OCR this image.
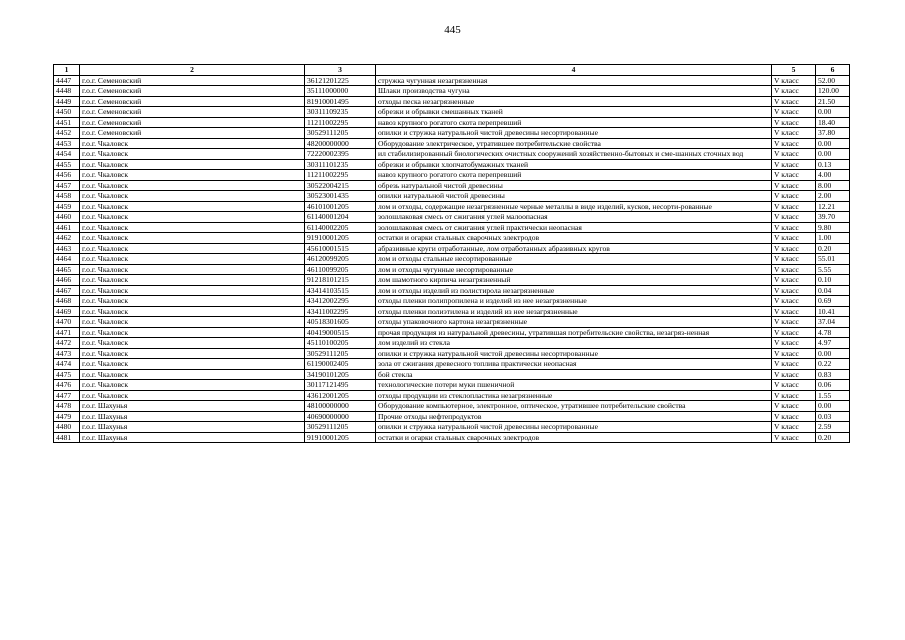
445
1	2	3	4	5	6
4447	г.о.г. Семеновский	36121201225	стружка чугунная незагрязненная	V класс	52.00
4448	г.о.г. Семеновский	35111000000	Шлаки производства чугуна	V класс	120.00
4449	г.о.г. Семеновский	81910001495	отходы песка незагрязненные	V класс	21.50
4450	г.о.г. Семеновский	30311109235	обрезки и обрывки смешанных тканей	V класс	0.00
4451	г.о.г. Семеновский	11211002295	навоз крупного рогатого скота перепревший	V класс	18.40
4452	г.о.г. Семеновский	30529111205	опилки и стружка натуральной чистой древесины несортированные	V класс	37.80
4453	г.о.г. Чкаловск	48200000000	Оборудование электрическое, утратившее потребительские свойства	V класс	0.00
4454	г.о.г. Чкаловск	72220002395	ил стабилизированный биологических очистных сооружений хозяйственно-бытовых и сме-шанных сточных вод	V класс	0.00
4455	г.о.г. Чкаловск	30311101235	обрезки и обрывки хлопчатобумажных тканей	V класс	0.13
4456	г.о.г. Чкаловск	11211002295	навоз крупного рогатого скота перепревший	V класс	4.00
4457	г.о.г. Чкаловск	30522004215	обрезь натуральной чистой древесины	V класс	8.00
4458	г.о.г. Чкаловск	30523001435	опилки натуральной чистой древесины	V класс	2.00
4459	г.о.г. Чкаловск	46101001205	лом и отходы, содержащие незагрязненные черные металлы в виде изделий, кусков, несорти-рованные	V класс	12.21
4460	г.о.г. Чкаловск	61140001204	золошлаковая смесь от сжигания углей малоопасная	V класс	39.70
4461	г.о.г. Чкаловск	61140002205	золошлаковая смесь от сжигания углей практически неопасная	V класс	9.80
4462	г.о.г. Чкаловск	91910001205	остатки и огарки стальных сварочных электродов	V класс	1.00
4463	г.о.г. Чкаловск	45610001515	абразивные круги отработанные, лом отработанных абразивных кругов	V класс	0.20
4464	г.о.г. Чкаловск	46120099205	лом и отходы стальные несортированные	V класс	55.01
4465	г.о.г. Чкаловск	46110099205	лом и отходы чугунные несортированные	V класс	5.55
4466	г.о.г. Чкаловск	91218101215	лом шамотного кирпича незагрязненный	V класс	0.10
4467	г.о.г. Чкаловск	43414103515	лом и отходы изделий из полистирола незагрязненные	V класс	0.04
4468	г.о.г. Чкаловск	43412002295	отходы пленки полипропилена и изделий из нее незагрязненные	V класс	0.69
4469	г.о.г. Чкаловск	43411002295	отходы пленки полиэтилена и изделий из нее незагрязненные	V класс	10.41
4470	г.о.г. Чкаловск	40518301605	отходы упаковочного картона незагрязненные	V класс	37.04
4471	г.о.г. Чкаловск	40419000515	прочая продукция из натуральной древесины, утратившая потребительские свойства, незагряз-ненная	V класс	4.78
4472	г.о.г. Чкаловск	45110100205	лом изделий из стекла	V класс	4.97
4473	г.о.г. Чкаловск	30529111205	опилки и стружка натуральной чистой древесины несортированные	V класс	0.00
4474	г.о.г. Чкаловск	61190002405	зола от сжигания древесного топлива практически неопасная	V класс	0.22
4475	г.о.г. Чкаловск	34190101205	бой стекла	V класс	0.83
4476	г.о.г. Чкаловск	30117121495	технологические потери муки пшеничной	V класс	0.06
4477	г.о.г. Чкаловск	43612001205	отходы продукции из стеклопластика незагрязненные	V класс	1.55
4478	г.о.г. Шахунья	48100000000	Оборудование компьютерное, электронное, оптическое, утратившее потребительские свойства	V класс	0.00
4479	г.о.г. Шахунья	40690000000	Прочие отходы нефтепродуктов	V класс	0.03
4480	г.о.г. Шахунья	30529111205	опилки и стружка натуральной чистой древесины несортированные	V класс	2.59
4481	г.о.г. Шахунья	91910001205	остатки и огарки стальных сварочных электродов	V класс	0.20
